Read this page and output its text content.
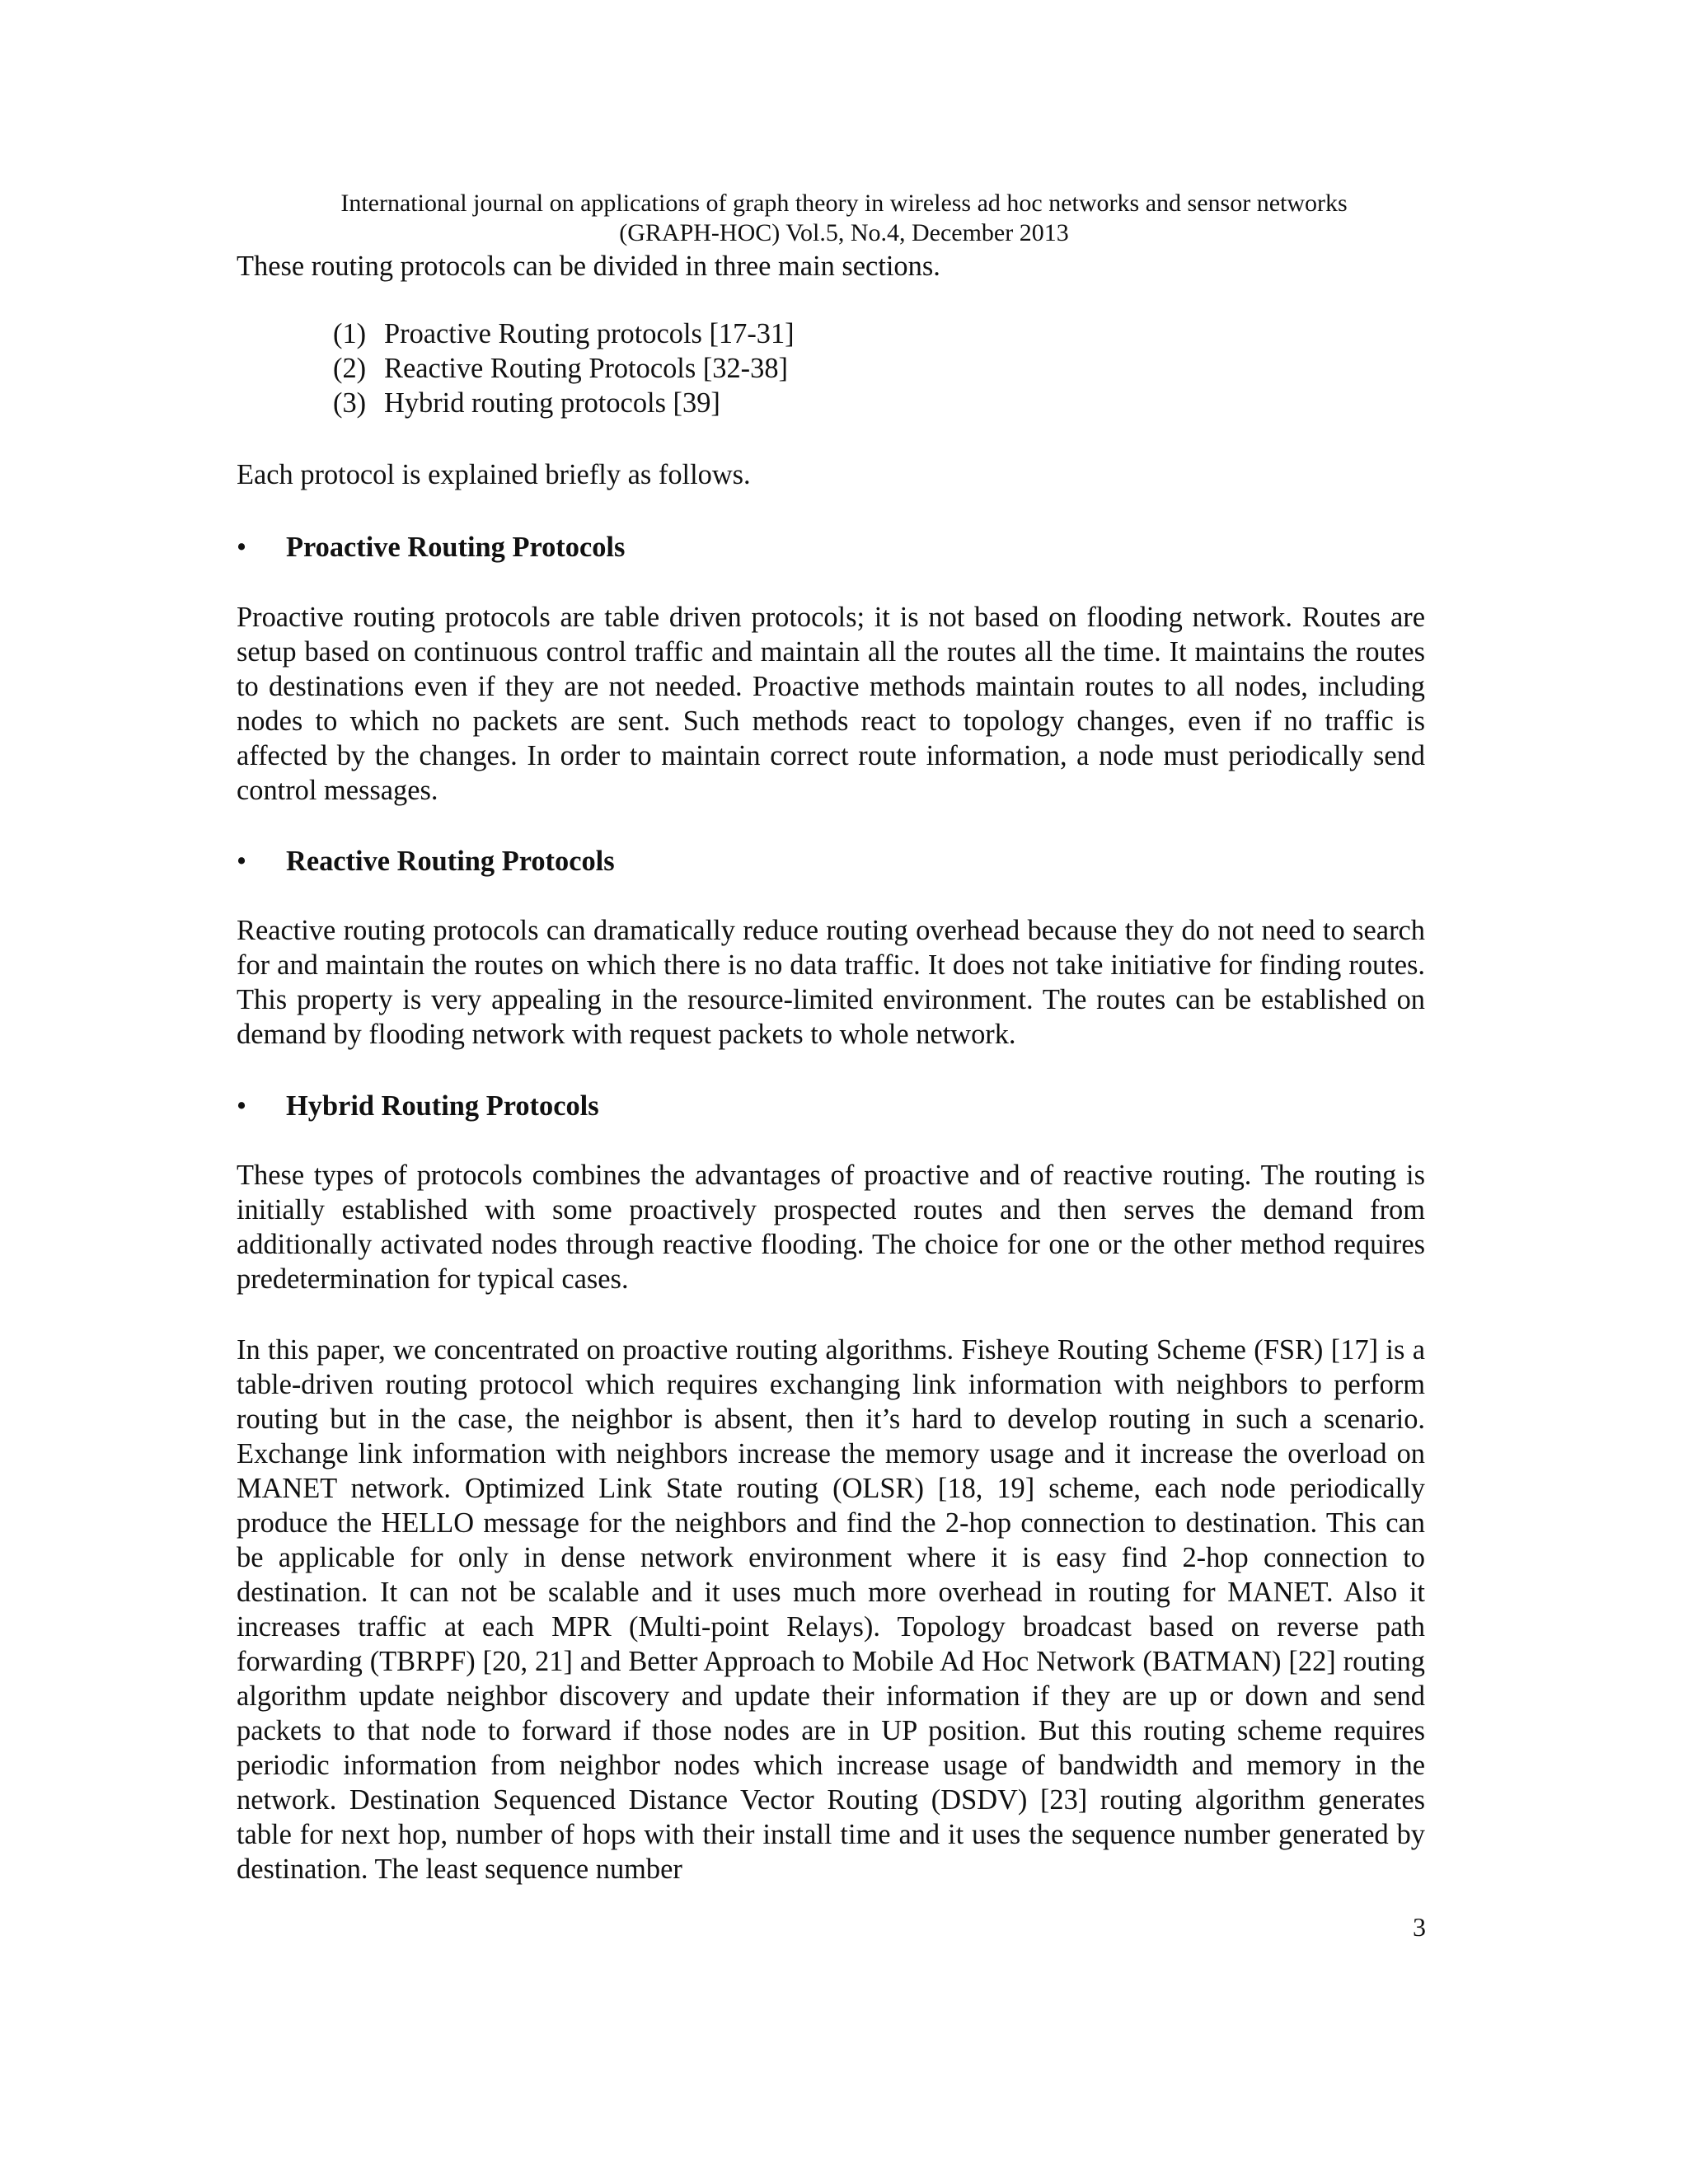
International journal on applications of graph theory in wireless ad hoc networks and sensor networks
(GRAPH-HOC) Vol.5, No.4, December 2013

These routing protocols can be divided in three main sections.

(1) Proactive Routing protocols [17-31]
(2) Reactive Routing Protocols [32-38]
(3) Hybrid routing protocols [39]

Each protocol is explained briefly as follows.

• Proactive Routing Protocols

Proactive routing protocols are table driven protocols; it is not based on flooding network. Routes are setup based on continuous control traffic and maintain all the routes all the time. It maintains the routes to destinations even if they are not needed. Proactive methods maintain routes to all nodes, including nodes to which no packets are sent. Such methods react to topology changes, even if no traffic is affected by the changes. In order to maintain correct route information, a node must periodically send control messages.

• Reactive Routing Protocols

Reactive routing protocols can dramatically reduce routing overhead because they do not need to search for and maintain the routes on which there is no data traffic. It does not take initiative for finding routes. This property is very appealing in the resource-limited environment. The routes can be established on demand by flooding network with request packets to whole network.

• Hybrid Routing Protocols

These types of protocols combines the advantages of proactive and of reactive routing. The routing is initially established with some proactively prospected routes and then serves the demand from additionally activated nodes through reactive flooding. The choice for one or the other method requires predetermination for typical cases.

In this paper, we concentrated on proactive routing algorithms. Fisheye Routing Scheme (FSR) [17] is a table-driven routing protocol which requires exchanging link information with neighbors to perform routing but in the case, the neighbor is absent, then it’s hard to develop routing in such a scenario. Exchange link information with neighbors increase the memory usage and it increase the overload on MANET network. Optimized Link State routing (OLSR) [18, 19] scheme, each node periodically produce the HELLO message for the neighbors and find the 2-hop connection to destination. This can be applicable for only in dense network environment where it is easy find 2-hop connection to destination. It can not be scalable and it uses much more overhead in routing for MANET. Also it increases traffic at each MPR (Multi-point Relays). Topology broadcast based on reverse path forwarding (TBRPF) [20, 21] and Better Approach to Mobile Ad Hoc Network (BATMAN) [22] routing algorithm update neighbor discovery and update their information if they are up or down and send packets to that node to forward if those nodes are in UP position. But this routing scheme requires periodic information from neighbor nodes which increase usage of bandwidth and memory in the network. Destination Sequenced Distance Vector Routing (DSDV) [23] routing algorithm generates table for next hop, number of hops with their install time and it uses the sequence number generated by destination. The least sequence number

3
